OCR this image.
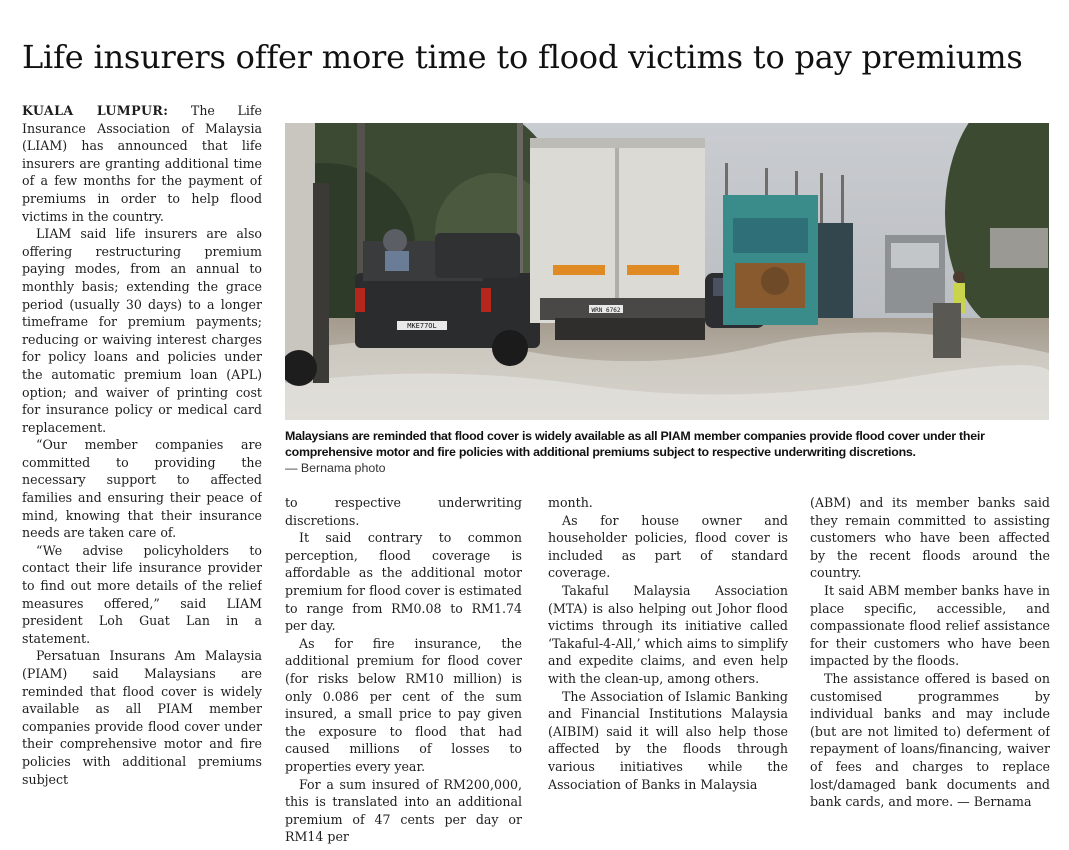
Life insurers offer more time to flood victims to pay premiums

KUALA LUMPUR: The Life Insurance Association of Malaysia (LIAM) has announced that life insurers are granting additional time of a few months for the payment of premiums in order to help flood victims in the country.

LIAM said life insurers are also offering restructuring premium paying modes, from an annual to monthly basis; extending the grace period (usually 30 days) to a longer timeframe for premium payments; reducing or waiving interest charges for policy loans and policies under the automatic premium loan (APL) option; and waiver of printing cost for insurance policy or medical card replacement.

“Our member companies are committed to providing the necessary support to affected families and ensuring their peace of mind, knowing that their insurance needs are taken care of.

“We advise policyholders to contact their life insurance provider to find out more details of the relief measures offered,” said LIAM president Loh Guat Lan in a statement.

Persatuan Insurans Am Malaysia (PIAM) said Malaysians are reminded that flood cover is widely available as all PIAM member companies provide flood cover under their comprehensive motor and fire policies with additional premiums subject

MKE77OL
WRN 6762
Malaysians are reminded that flood cover is widely available as all PIAM member companies provide flood cover under their comprehensive motor and fire policies with additional premiums subject to respective underwriting discretions.
— Bernama photo

to respective underwriting discretions.

It said contrary to common perception, flood coverage is affordable as the additional motor premium for flood cover is estimated to range from RM0.08 to RM1.74 per day.

As for fire insurance, the additional premium for flood cover (for risks below RM10 million) is only 0.086 per cent of the sum insured, a small price to pay given the exposure to flood that had caused millions of losses to properties every year.

For a sum insured of RM200,000, this is translated into an additional premium of 47 cents per day or RM14 per

month.

As for house owner and householder policies, flood cover is included as part of standard coverage.

Takaful Malaysia Association (MTA) is also helping out Johor flood victims through its initiative called ‘Takaful-4-All,’ which aims to simplify and expedite claims, and even help with the clean-up, among others.

The Association of Islamic Banking and Financial Institutions Malaysia (AIBIM) said it will also help those affected by the floods through various initiatives while the Association of Banks in Malaysia

(ABM) and its member banks said they remain committed to assisting customers who have been affected by the recent floods around the country.

It said ABM member banks have in place specific, accessible, and compassionate flood relief assistance for their customers who have been impacted by the floods.

The assistance offered is based on customised programmes by individual banks and may include (but are not limited to) deferment of repayment of loans/financing, waiver of fees and charges to replace lost/damaged bank documents and bank cards, and more. — Bernama
